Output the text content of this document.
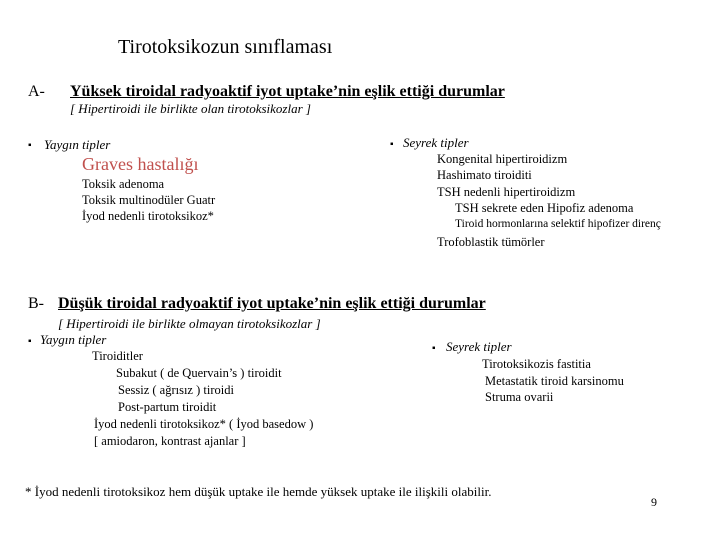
Tirotoksikozun sınıflaması
A- Yüksek tiroidal radyoaktif iyot uptake’nin eşlik ettiği durumlar
[ Hipertiroidi ile birlikte olan tirotoksikozlar ]
▪ Yaygın tipler
Graves hastalığı
Toksik adenoma
Toksik multinodüler Guatr
İyod nedenli tirotoksikoz*
▪ Seyrek tipler
Kongenital hipertiroidizm
Hashimato tiroiditi
TSH nedenli hipertiroidizm
TSH sekrete eden Hipofiz adenoma
Tiroid hormonlarına selektif hipofizer direnç
Trofoblastik tümörler
B- Düşük tiroidal radyoaktif iyot uptake’nin eşlik ettiği durumlar
[ Hipertiroidi ile birlikte olmayan tirotoksikozlar ]
▪ Yaygın tipler
Tiroiditler
Subakut ( de Quervain’s ) tiroidit
Sessiz ( ağrısız ) tiroidi
Post-partum tiroidit
İyod nedenli tirotoksikoz* ( İyod basedow )
[ amiodaron, kontrast ajanlar ]
▪ Seyrek tipler
Tirotoksikozis fastitia
Metastatik tiroid karsinomu
Struma ovarii
* İyod nedenli tirotoksikoz hem düşük uptake ile hemde yüksek uptake ile ilişkili olabilir.
9
